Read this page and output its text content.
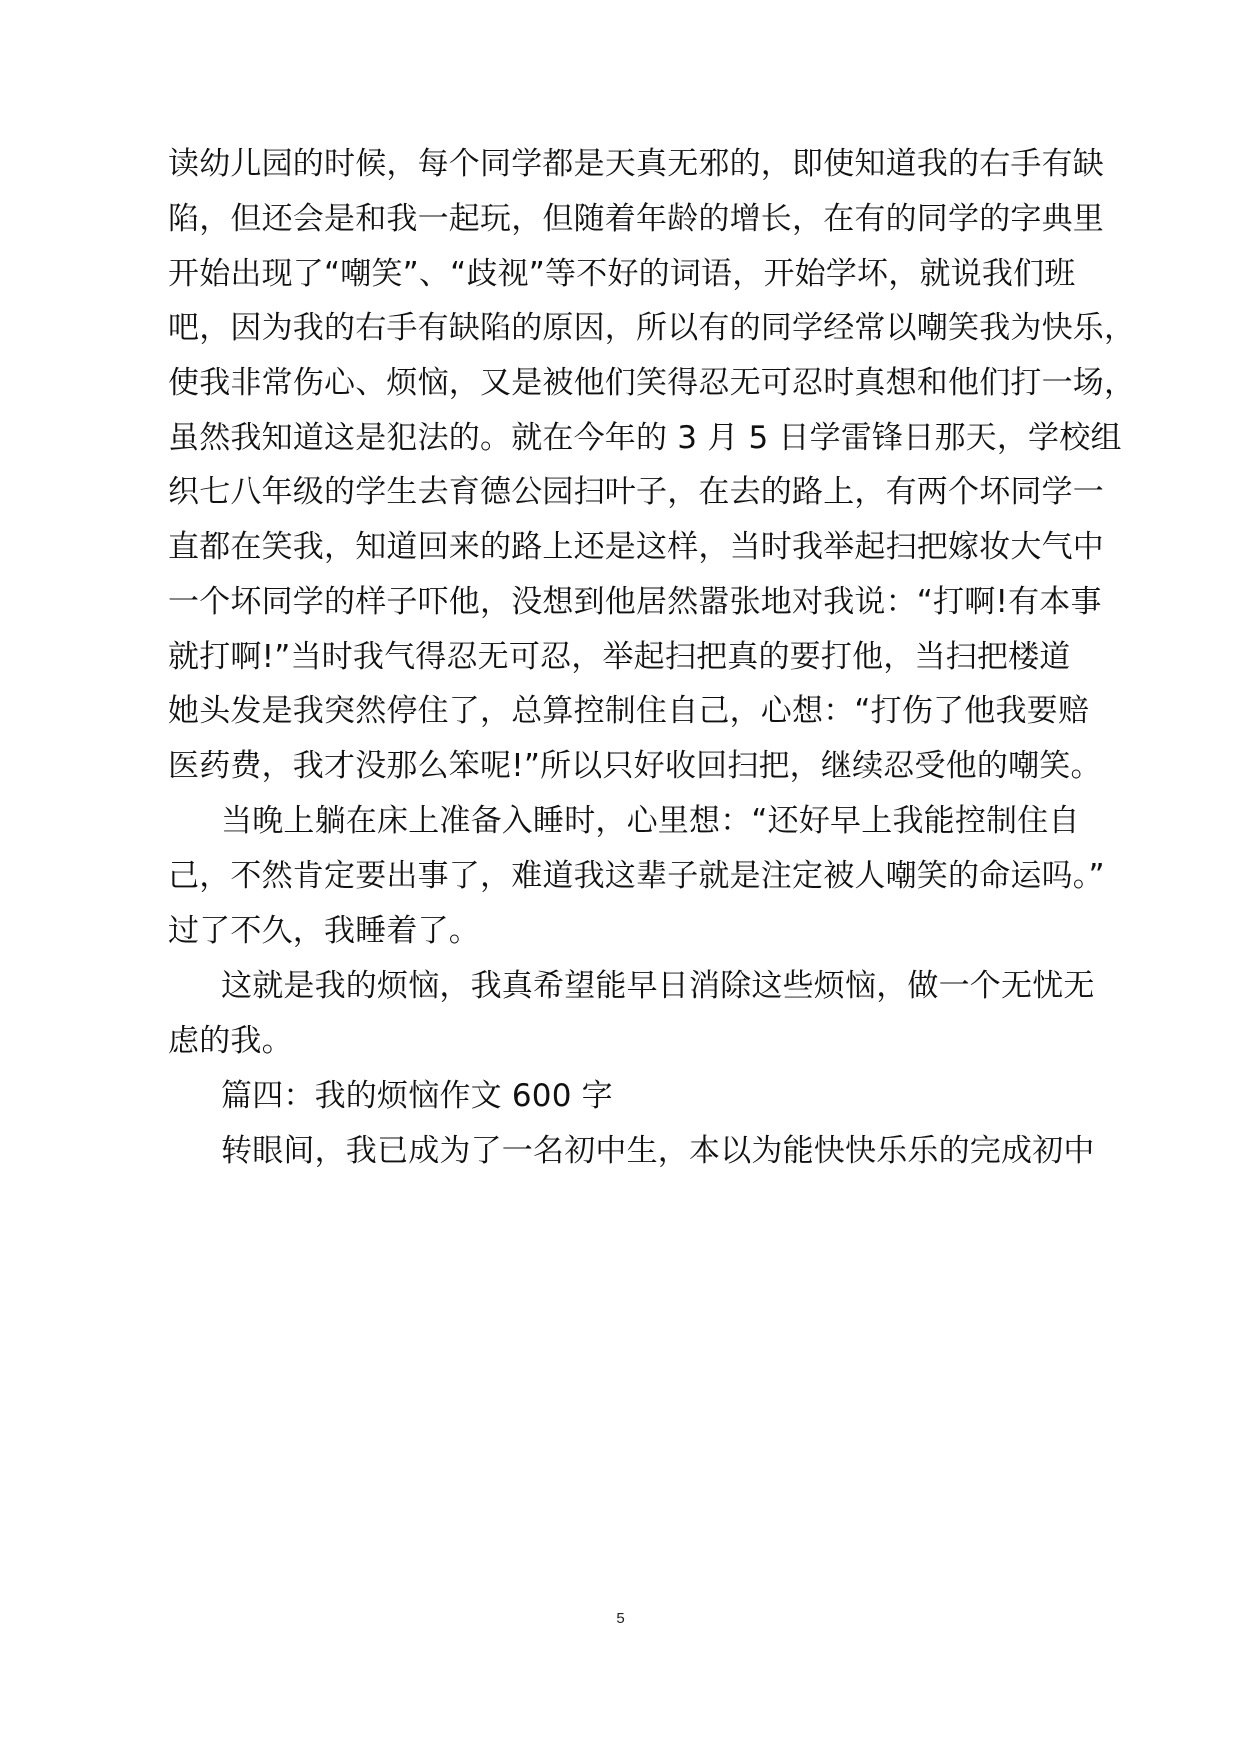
读幼儿园的时候，每个同学都是天真无邪的，即使知道我的右手有缺
陷，但还会是和我一起玩，但随着年龄的增长，在有的同学的字典里
开始出现了“嘲笑”、“歧视”等不好的词语，开始学坏，就说我们班
吧，因为我的右手有缺陷的原因，所以有的同学经常以嘲笑我为快乐，
使我非常伤心、烦恼，又是被他们笑得忍无可忍时真想和他们打一场，
虽然我知道这是犯法的。就在今年的 3 月 5 日学雷锋日那天，学校组
织七八年级的学生去育德公园扫叶子，在去的路上，有两个坏同学一
直都在笑我，知道回来的路上还是这样，当时我举起扫把嫁妆大气中
一个坏同学的样子吓他，没想到他居然嚣张地对我说：“打啊!有本事
就打啊!”当时我气得忍无可忍，举起扫把真的要打他，当扫把楼道
她头发是我突然停住了，总算控制住自己，心想：“打伤了他我要赔
医药费，我才没那么笨呢!”所以只好收回扫把，继续忍受他的嘲笑。
当晚上躺在床上准备入睡时，心里想：“还好早上我能控制住自
己，不然肯定要出事了，难道我这辈子就是注定被人嘲笑的命运吗。”
过了不久，我睡着了。
这就是我的烦恼，我真希望能早日消除这些烦恼，做一个无忧无
虑的我。
篇四：我的烦恼作文 600 字
转眼间，我已成为了一名初中生，本以为能快快乐乐的完成初中
5
